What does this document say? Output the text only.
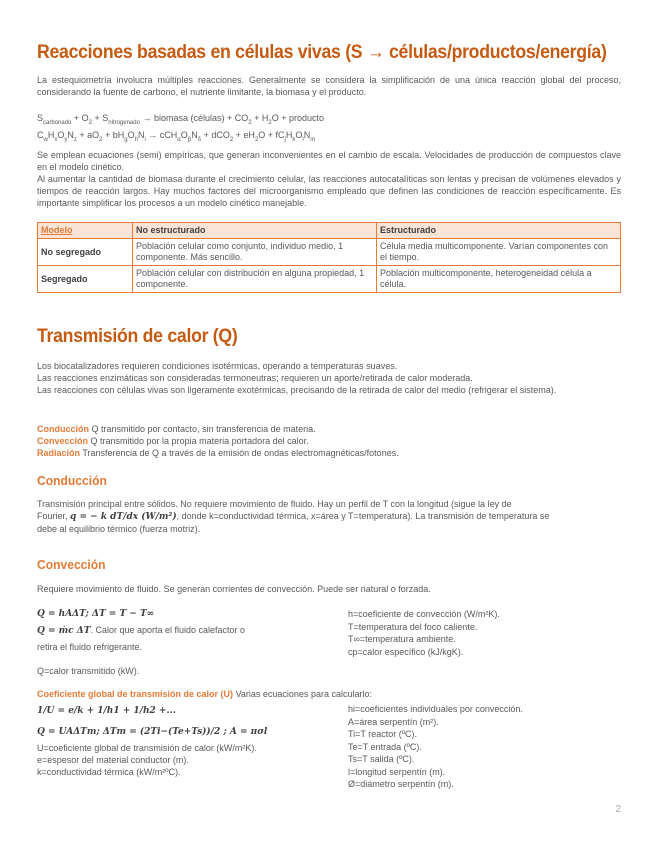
Reacciones basadas en células vivas (S → células/productos/energía)

La estequiometría involucra múltiples reacciones. Generalmente se considera la simplificación de una única reacción global del proceso, considerando la fuente de carbono, el nutriente limitante, la biomasa y el producto.

$S_{carbonado} + O_2 + S_{nitrogenado}$ → biomasa (células) + $CO_2 + H_2O$ + producto
$C_wH_xO_yN_z + aO_2 + bH_gO_hN_i \to cCH_\alpha O_\beta N_\delta + dCO_2 + eH_2O + fC_jH_kO_lN_m$

Se emplean ecuaciones (semi) empíricas, que generan inconvenientes en el cambio de escala. Velocidades de producción de compuestos clave en el modelo cinético.

Al aumentar la cantidad de biomasa durante el crecimiento celular, las reacciones autocatalíticas son lentas y precisan de volúmenes elevados y tiempos de reacción largos. Hay muchos factores del microorganismo empleado que definen las condiciones de reacción específicamente. Es importante simplificar los procesos a un modelo cinético manejable.

Modelo	No estructurado	Estructurado
No segregado	Población celular como conjunto, individuo medio, 1 componente. Más sencillo.	Célula media multicomponente. Varían componentes con el tiempo.
Segregado	Población celular con distribución en alguna propiedad, 1 componente.	Población multicomponente, heterogeneidad célula a célula.
Transmisión de calor (Q)

Los biocatalizadores requieren condiciones isotérmicas, operando a temperaturas suaves.

Las reacciones enzimáticas son consideradas termoneutras; requieren un aporte/retirada de calor moderada.

Las reacciones con células vivas son ligeramente exotérmicas, precisando de la retirada de calor del medio (refrigerar el sistema).

Conducción Q transmitido por contacto, sin transferencia de materia.
Convección Q transmitido por la propia materia portadora del calor.
Radiación Transferencia de Q a través de la emisión de ondas electromagnéticas/fotones.
Conducción

Transmisión principal entre sólidos. No requiere movimiento de fluido. Hay un perfil de T con la longitud (sigue la ley de

Fourier, q = − k dT/dx (W/m²), donde k=conductividad térmica, x=área y T=temperatura). La transmisión de temperatura se

debe al equilibrio térmico (fuerza motriz).

Convección

Requiere movimiento de fluido. Se generan corrientes de convección. Puede ser natural o forzada.

Q = hAΔT; ΔT = T − T∞
Q = ṁc ΔT. Calor que aporta el fluido calefactor o
retira el fluido refrigerante.
Q=calor transmitido (kW).
h=coeficiente de convección (W/m²K).
T=temperatura del foco caliente.
T∞=temperatura ambiente.
cp=calor específico (kJ/kgK).
Coeficiente global de transmisión de calor (U) Varias ecuaciones para calcularlo:
1/U = e/k + 1/h1 + 1/h2 +...
Q = UAΔTm; ΔTm = (2Ti−(Te+Ts))/2 ; A = πσl
U=coeficiente global de transmisión de calor (kW/m²K).
e=espesor del material conductor (m).
k=conductividad térmica (kW/m²ºC).
hi=coeficientes individuales por convección.
A=área serpentín (m²).
Ti=T reactor (ºC).
Te=T entrada (ºC).
Ts=T salida (ºC).
l=longitud serpentín (m).
Ø=diámetro serpentín (m).
2
